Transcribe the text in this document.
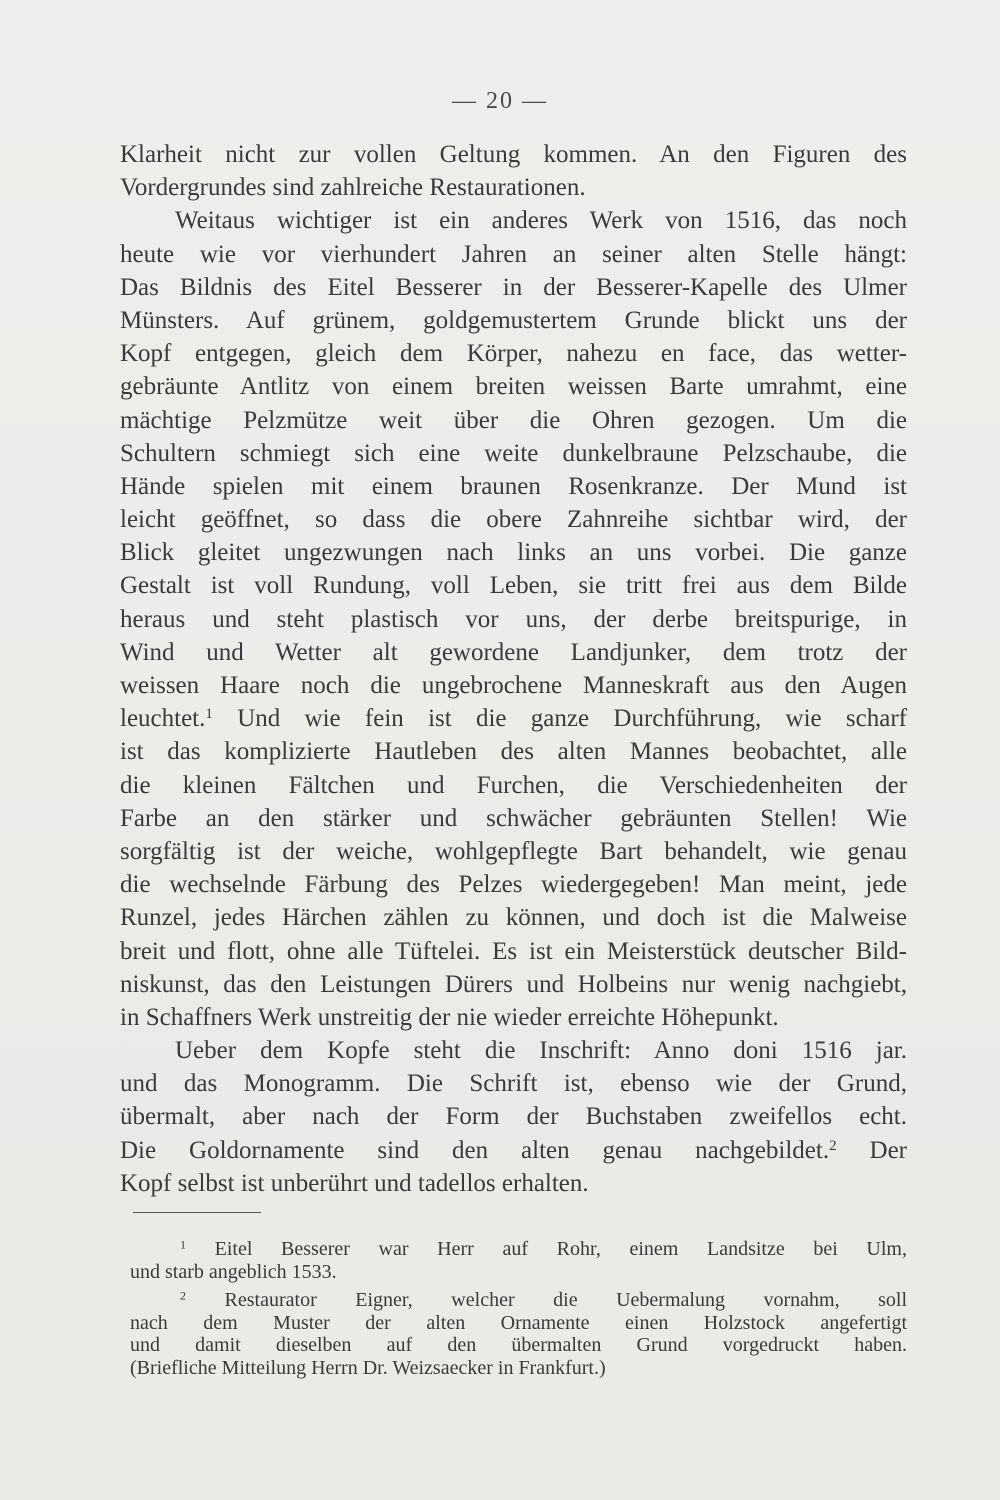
— 20 —
Klarheit nicht zur vollen Geltung kommen. An den Figuren des
Vordergrundes sind zahlreiche Restaurationen.
Weitaus wichtiger ist ein anderes Werk von 1516, das noch
heute wie vor vierhundert Jahren an seiner alten Stelle hängt:
Das Bildnis des Eitel Besserer in der Besserer-Kapelle des Ulmer
Münsters. Auf grünem, goldgemustertem Grunde blickt uns der
Kopf entgegen, gleich dem Körper, nahezu en face, das wetter-
gebräunte Antlitz von einem breiten weissen Barte umrahmt, eine
mächtige Pelzmütze weit über die Ohren gezogen. Um die
Schultern schmiegt sich eine weite dunkelbraune Pelzschaube, die
Hände spielen mit einem braunen Rosenkranze. Der Mund ist
leicht geöffnet, so dass die obere Zahnreihe sichtbar wird, der
Blick gleitet ungezwungen nach links an uns vorbei. Die ganze
Gestalt ist voll Rundung, voll Leben, sie tritt frei aus dem Bilde
heraus und steht plastisch vor uns, der derbe breitspurige, in
Wind und Wetter alt gewordene Landjunker, dem trotz der
weissen Haare noch die ungebrochene Manneskraft aus den Augen
leuchtet.$^1$ Und wie fein ist die ganze Durchführung, wie scharf
ist das komplizierte Hautleben des alten Mannes beobachtet, alle
die kleinen Fältchen und Furchen, die Verschiedenheiten der
Farbe an den stärker und schwächer gebräunten Stellen! Wie
sorgfältig ist der weiche, wohlgepflegte Bart behandelt, wie genau
die wechselnde Färbung des Pelzes wiedergegeben! Man meint, jede
Runzel, jedes Härchen zählen zu können, und doch ist die Malweise
breit und flott, ohne alle Tüftelei. Es ist ein Meisterstück deutscher Bild-
niskunst, das den Leistungen Dürers und Holbeins nur wenig nachgiebt,
in Schaffners Werk unstreitig der nie wieder erreichte Höhepunkt.
Ueber dem Kopfe steht die Inschrift: Anno doni 1516 jar.
und das Monogramm. Die Schrift ist, ebenso wie der Grund,
übermalt, aber nach der Form der Buchstaben zweifellos echt.
Die Goldornamente sind den alten genau nachgebildet.$^2$ Der
Kopf selbst ist unberührt und tadellos erhalten.
$^1$ Eitel Besserer war Herr auf Rohr, einem Landsitze bei Ulm,
und starb angeblich 1533.
$^2$ Restaurator Eigner, welcher die Uebermalung vornahm, soll
nach dem Muster der alten Ornamente einen Holzstock angefertigt
und damit dieselben auf den übermalten Grund vorgedruckt haben.
(Briefliche Mitteilung Herrn Dr. Weizsaecker in Frankfurt.)
